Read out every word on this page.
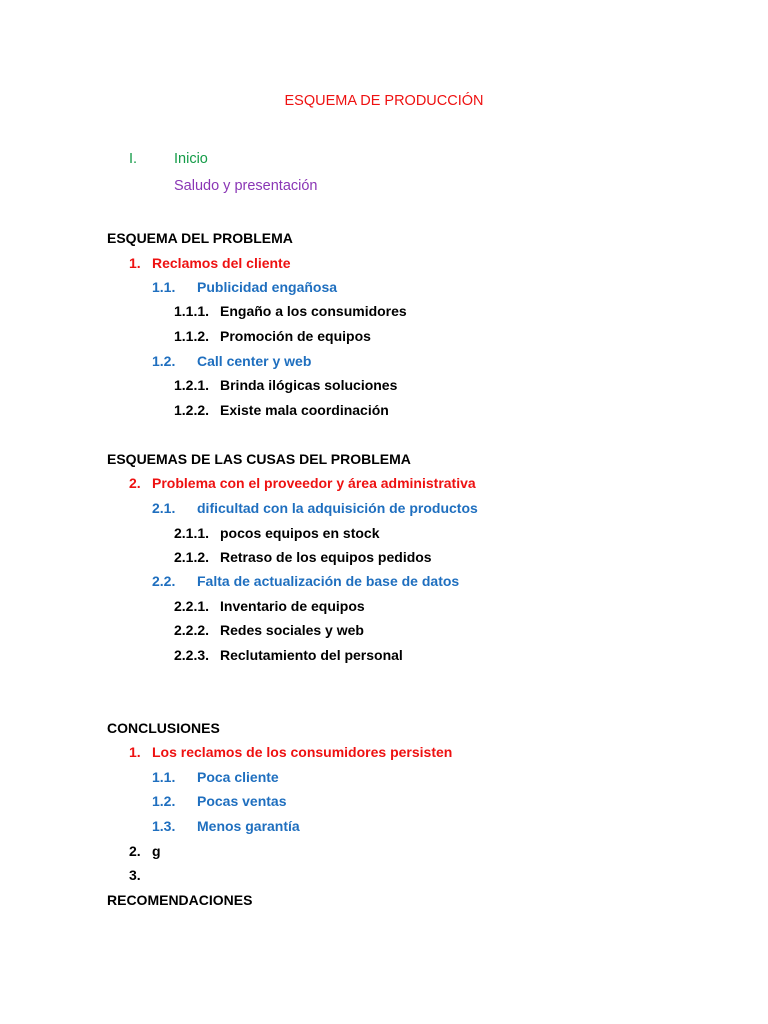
ESQUEMA DE PRODUCCIÓN
I.	Inicio
Saludo y presentación
ESQUEMA DEL PROBLEMA
1. Reclamos del cliente
1.1. Publicidad engañosa
1.1.1. Engaño a los consumidores
1.1.2. Promoción de equipos
1.2. Call center y web
1.2.1. Brinda ilógicas soluciones
1.2.2. Existe mala coordinación
ESQUEMAS DE LAS CUSAS DEL PROBLEMA
2. Problema con el proveedor y área administrativa
2.1. dificultad con la adquisición de productos
2.1.1. pocos equipos en stock
2.1.2. Retraso de los equipos pedidos
2.2. Falta de actualización de base de datos
2.2.1. Inventario de equipos
2.2.2. Redes sociales y web
2.2.3. Reclutamiento del personal
CONCLUSIONES
1. Los reclamos de los consumidores persisten
1.1. Poca cliente
1.2. Pocas ventas
1.3. Menos garantía
2. g
3.
RECOMENDACIONES
